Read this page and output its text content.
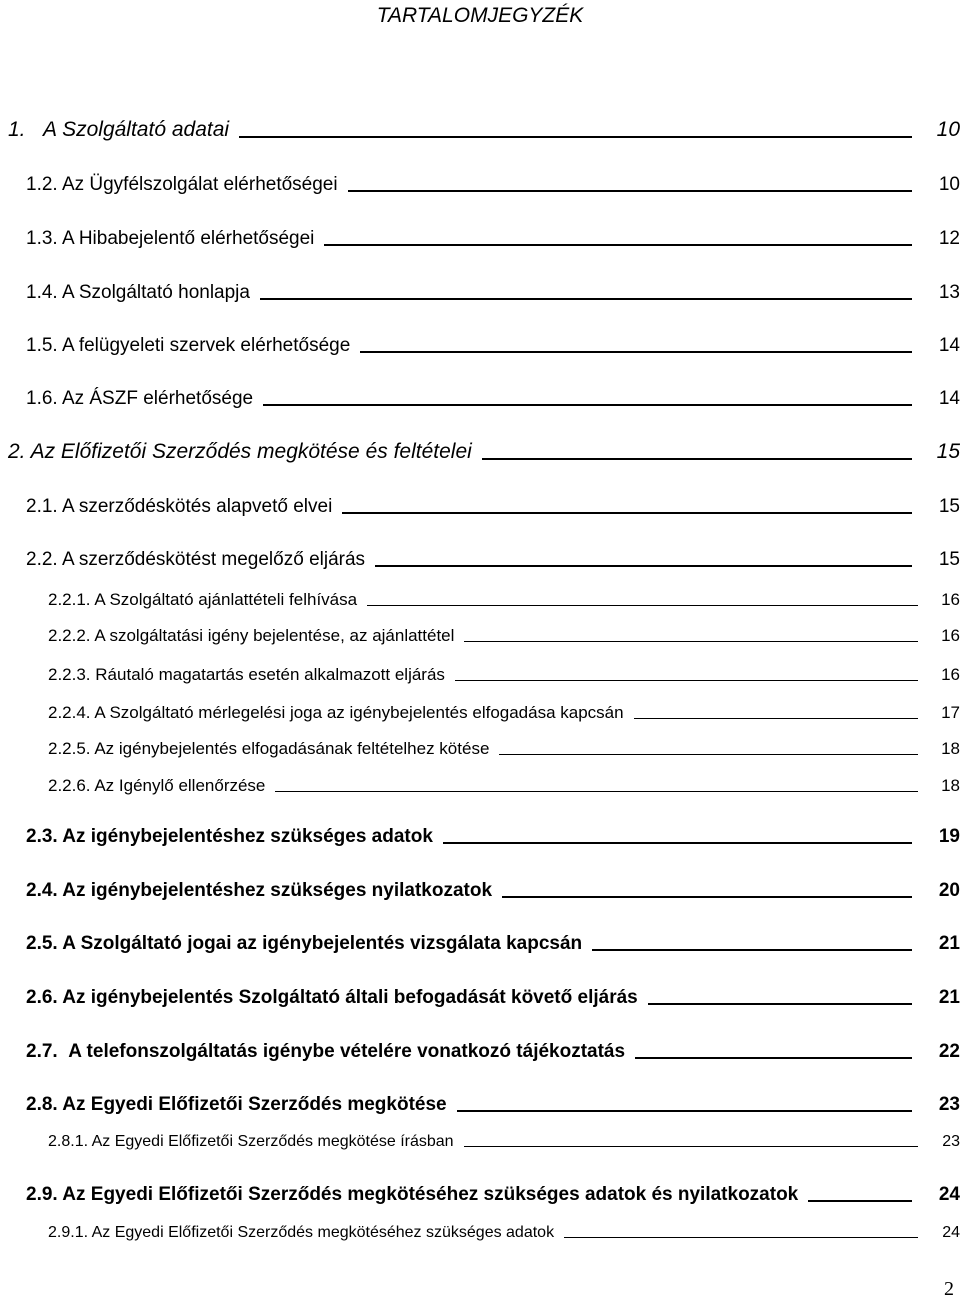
TARTALOMJEGYZÉK
1. A Szolgáltató adatai	10
1.2. Az Ügyfélszolgálat elérhetőségei	10
1.3. A Hibabejelentő elérhetőségei	12
1.4. A Szolgáltató honlapja	13
1.5. A felügyeleti szervek elérhetősége	14
1.6. Az ÁSZF elérhetősége	14
2. Az Előfizetői Szerződés megkötése és feltételei	15
2.1. A szerződéskötés alapvető elvei	15
2.2. A szerződéskötést megelőző eljárás	15
2.2.1. A Szolgáltató ajánlattételi felhívása	16
2.2.2. A szolgáltatási igény bejelentése, az ajánlattétel	16
2.2.3. Ráutaló magatartás esetén alkalmazott eljárás	16
2.2.4. A Szolgáltató mérlegelési joga az igénybejelentés elfogadása kapcsán	17
2.2.5. Az igénybejelentés elfogadásának feltételhez kötése	18
2.2.6. Az Igénylő ellenőrzése	18
2.3. Az igénybejelentéshez szükséges adatok	19
2.4. Az igénybejelentéshez szükséges nyilatkozatok	20
2.5. A Szolgáltató jogai az igénybejelentés vizsgálata kapcsán	21
2.6. Az igénybejelentés Szolgáltató általi befogadását követő eljárás	21
2.7. A telefonszolgáltatás igénybe vételére vonatkozó tájékoztatás	22
2.8. Az Egyedi Előfizetői Szerződés megkötése	23
2.8.1. Az Egyedi Előfizetői Szerződés megkötése írásban	23
2.9. Az Egyedi Előfizetői Szerződés megkötéséhez szükséges adatok és nyilatkozatok	24
2.9.1. Az Egyedi Előfizetői Szerződés megkötéséhez szükséges adatok	24
2
